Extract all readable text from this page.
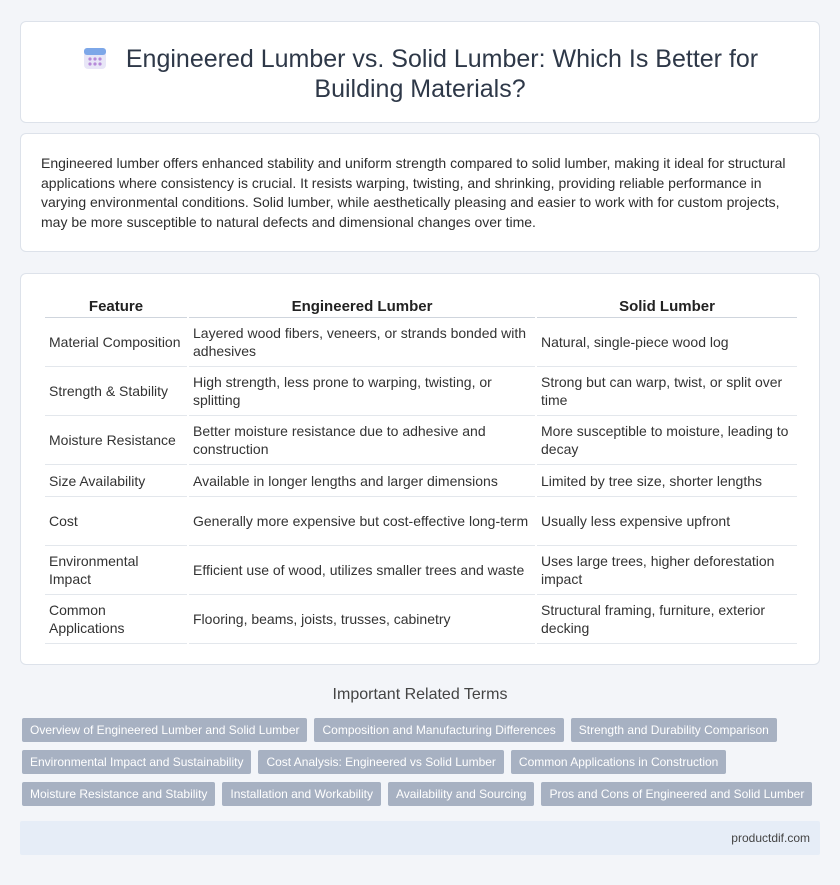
Engineered Lumber vs. Solid Lumber: Which Is Better for Building Materials?

Engineered lumber offers enhanced stability and uniform strength compared to solid lumber, making it ideal for structural applications where consistency is crucial. It resists warping, twisting, and shrinking, providing reliable performance in varying environmental conditions. Solid lumber, while aesthetically pleasing and easier to work with for custom projects, may be more susceptible to natural defects and dimensional changes over time.

Feature	Engineered Lumber	Solid Lumber
Material Composition	Layered wood fibers, veneers, or strands bonded with adhesives	Natural, single-piece wood log
Strength & Stability	High strength, less prone to warping, twisting, or splitting	Strong but can warp, twist, or split over time
Moisture Resistance	Better moisture resistance due to adhesive and construction	More susceptible to moisture, leading to decay
Size Availability	Available in longer lengths and larger dimensions	Limited by tree size, shorter lengths
Cost	Generally more expensive but cost-effective long-term	Usually less expensive upfront
Environmental Impact	Efficient use of wood, utilizes smaller trees and waste	Uses large trees, higher deforestation impact
Common Applications	Flooring, beams, joists, trusses, cabinetry	Structural framing, furniture, exterior decking
Important Related Terms
Overview of Engineered Lumber and Solid Lumber	Composition and Manufacturing Differences	Strength and Durability Comparison
Environmental Impact and Sustainability	Cost Analysis: Engineered vs Solid Lumber	Common Applications in Construction
Moisture Resistance and Stability	Installation and Workability	Availability and Sourcing	Pros and Cons of Engineered and Solid Lumber
productdif.com
